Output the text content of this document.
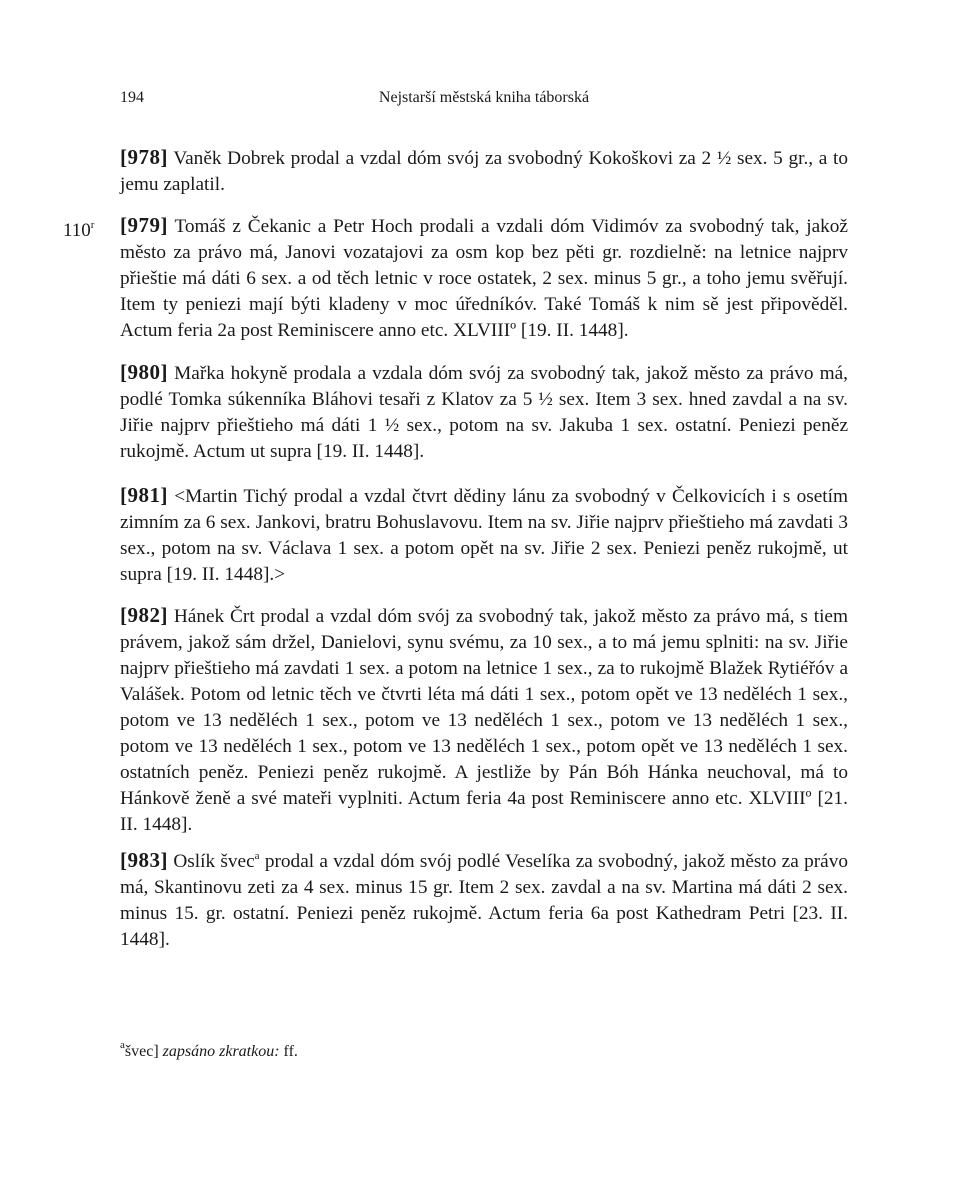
194	Nejstarší městská kniha táborská
110$^r$
[978] Vaněk Dobrek prodal a vzdal dóm svój za svobodný Kokoškovi za 2 ½ sex. 5 gr., a to jemu zaplatil.
[979] Tomáš z Čekanic a Petr Hoch prodali a vzdali dóm Vidimóv za svobodný tak, jakož město za právo má, Janovi vozatajovi za osm kop bez pěti gr. rozdielně: na letnice najprv přieštie má dáti 6 sex. a od těch letnic v roce ostatek, 2 sex. minus 5 gr., a toho jemu svěřují. Item ty peniezi mají býti kladeny v moc úředníkóv. Také Tomáš k nim sě jest připověděl. Actum feria 2a post Reminiscere anno etc. XLVIIIº [19. II. 1448].
[980] Mařka hokyně prodala a vzdala dóm svój za svobodný tak, jakož město za právo má, podlé Tomka súkenníka Bláhovi tesaři z Klatov za 5 ½ sex. Item 3 sex. hned zavdal a na sv. Jiřie najprv přieštieho má dáti 1 ½ sex., potom na sv. Jakuba 1 sex. ostatní. Peniezi peněz rukojmě. Actum ut supra [19. II. 1448].
[981] <Martin Tichý prodal a vzdal čtvrt dědiny lánu za svobodný v Čelkovicích i s osetím zimním za 6 sex. Jankovi, bratru Bohuslavovu. Item na sv. Jiřie najprv přieštieho má zavdati 3 sex., potom na sv. Václava 1 sex. a potom opět na sv. Jiřie 2 sex. Peniezi peněz rukojmě, ut supra [19. II. 1448].>
[982] Hánek Črt prodal a vzdal dóm svój za svobodný tak, jakož město za právo má, s tiem právem, jakož sám držel, Danielovi, synu svému, za 10 sex., a to má jemu splniti: na sv. Jiřie najprv přieštieho má zavdati 1 sex. a potom na letnice 1 sex., za to rukojmě Blažek Rytiéřóv a Valášek. Potom od letnic těch ve čtvrti léta má dáti 1 sex., potom opět ve 13 neděléch 1 sex., potom ve 13 neděléch 1 sex., potom ve 13 neděléch 1 sex., potom ve 13 neděléch 1 sex., potom ve 13 neděléch 1 sex., potom ve 13 neděléch 1 sex., potom opět ve 13 neděléch 1 sex. ostatních peněz. Peniezi peněz rukojmě. A jestliže by Pán Bóh Hánka neuchoval, má to Hánkově ženě a své mateři vyplniti. Actum feria 4a post Reminiscere anno etc. XLVIIIº [21. II. 1448].
[983] Oslík švec$^a$ prodal a vzdal dóm svój podlé Veselíka za svobodný, jakož město za právo má, Skantinovu zeti za 4 sex. minus 15 gr. Item 2 sex. zavdal a na sv. Martina má dáti 2 sex. minus 15. gr. ostatní. Peniezi peněz rukojmě. Actum feria 6a post Kathedram Petri [23. II. 1448].
$^a$švec] zapsáno zkratkou: ff.
